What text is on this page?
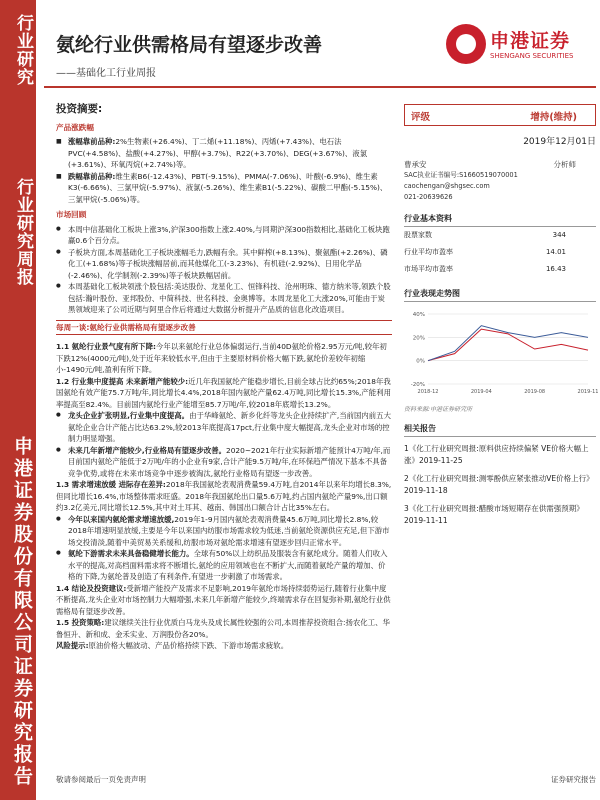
行业研究
行业研究周报
申港证券股份有限公司证券研究报告
氨纶行业供需格局有望逐步改善
——基础化工行业周报
申港证券
SHENGANG SECURITIES
投资摘要:
产品涨跌幅

■ 涨幅靠前品种:2%生物素(+26.4%)、丁二烯(+11.18%)、丙烯(+7.43%)、电石法PVC(+4.58%)、盐酸(+4.27%)、甲醇(+3.7%)、R22(+3.70%)、DEG(+3.67%)、液氯(+3.61%)、环氧丙烷(+2.74%)等。

■ 跌幅靠前品种:维生素B6(-12.43%)、PBT(-9.15%)、PMMA(-7.06%)、叶酸(-6.9%)、维生素K3(-6.66%)、三氯甲烷(-5.97%)、液氯(-5.26%)、维生素B1(-5.22%)、碳酸二甲酯(-5.15%)、三氯甲烷(-5.06%)等。

市场回顾

● 本周中信基础化工板块上涨3%,沪深300指数上涨2.40%,与同期沪深300指数相比,基础化工板块跑赢0.6个百分点。

● 子板块方面,本周基础化工子板块涨幅毛力,跌幅有余。其中鲜榨(+8.13%)、聚氨酯(+2.26%)、磷化工(+1.68%)等子板块涨幅居前,而其他煤化工(-3.23%)、有机硅(-2.92%)、日用化学品(-2.46%)、化学制剂(-2.39%)等子板块跌幅居前。

● 本周基础化工板块领涨个股包括:美达股份、龙星化工、恒锋科技、沧州明珠、德方纳米等,领跌个股包括:瀚叶股份、亚邦股份、中简科技、世名科技、金奥博等。本周龙星化工大涨20%,可能由于炭黑领域迎来了公司近期与阿里合作后将通过大数据分析提升产品质的信息化改造项目。

每周一谈:氨纶行业供需格局有望逐步改善

1.1 氨纶行业景气度有所下降:今年以来氨纶行业总体偏弱运行,当前40D氨纶价格2.95万元/吨,较年初下跌12%(4000元/吨),处于近年来较低水平,但由于主要原材料价格大幅下跌,氨纶价差较年初缩小-1490元/吨,盈利有所下降。

1.2 行业集中度提高 未来新增产能较少:近几年我国氨纶产能稳步增长,目前全球占比约65%;2018年我国氨纶有效产能75.7万吨/年,同比增长4.4%,2018年国内氨纶产量62.4万吨,同比增长15.3%,产能利用率提高至82.4%。目前国内氨纶行业产能增至85.7万吨/年,较2018年底增长13.2%。

● 龙头企业扩张明显,行业集中度提高。由于华峰氨纶、新乡化纤等龙头企业持续扩产,当前国内前五大氨纶企业合计产能占比达63.2%,较2013年底提高17pct,行业集中度大幅提高,龙头企业对市场的控制力明显增强。

● 未来几年新增产能较少,行业格局有望逐步改善。2020~2021年行业实际新增产能预计4万吨/年,而目前国内氨纶产能低于2万吨/年的小企业有9家,合计产能9.5万吨/年,在环保趋严情况下基本不具备竞争优势,或将在未来市场竞争中逐步被淘汰,氨纶行业格局有望逐一步改善。

1.3 需求增速放缓 进际存在差异:2018年我国氨纶表观消费量59.4万吨,自2014年以来年均增长8.3%,但同比增长16.4%,市场整体需求旺盛。2018年我国氨纶出口量5.6万吨,约占国内氨纶产量9%,出口额约3.2亿美元,同比增长12.5%,其中对土耳其、越南、韩国出口额合计占比35%左右。

● 今年以来国内氨纶需求增速放缓,2019年1-9月国内氨纶表观消费量45.6万吨,同比增长2.8%,较2018年增速明显放缓,主要是今年以来国内纺服市场需求较为低迷,当前氨纶资源供应充足,但下游市场交投清淡,随着中美贸易关系缓和,纺服市场对氨纶需求增速有望逐步回归正常水平。

● 氨纶下游需求未来具备稳健增长能力。全球有50%以上纺织品及服装含有氨纶成分。随着人们收入水平的提高,对高档面料需求将不断增长,氨纶的应用领域也在不断扩大,而随着氨纶产量的增加、价格的下降,为氨纶普及创造了有利条件,有望进一步刺激了市场需求。

1.4 结论及投资建议:受新增产能投产及需求不足影响,2019年氨纶市场持续弱势运行,随着行业集中度不断提高,龙头企业对市场控制力大幅增强,未来几年新增产能较少,终端需求存在回复弥补期,氨纶行业供需格局有望逐步改善。

1.5 投资策略:建议继续关注行业优质白马龙头及成长属性较强的公司,本周推荐投资组合:扬农化工、华鲁恒升、新和成、金禾实业、万润股份各20%。

风险提示:原油价格大幅波动、产品价格持续下跌、下游市场需求疲软。

评级	增持(维持)
2019年12月01日
曹承安	分析师
SAC执业证书编号:S1660519070001
caochengan@shgsec.com
021-20639626
行业基本资料
股票家数	344
行业平均市盈率	14.01
市场平均市盈率	16.43
行业表现走势图
40%
20%
0%
-20%
2018-12	2019-04	2019-08	2019-11
资料来源:申港证券研究所
相关报告

1《化工行业研究周报:原料供应持续偏紧 VE价格大幅上涨》2019-11-25

2《化工行业研究周报:测零酚供应紧张推动VE价格上行》2019-11-18

3《化工行业研究周报:醋酸市场短期存在供需强预期》2019-11-11

敬请参阅最后一页免责声明	证券研究报告
